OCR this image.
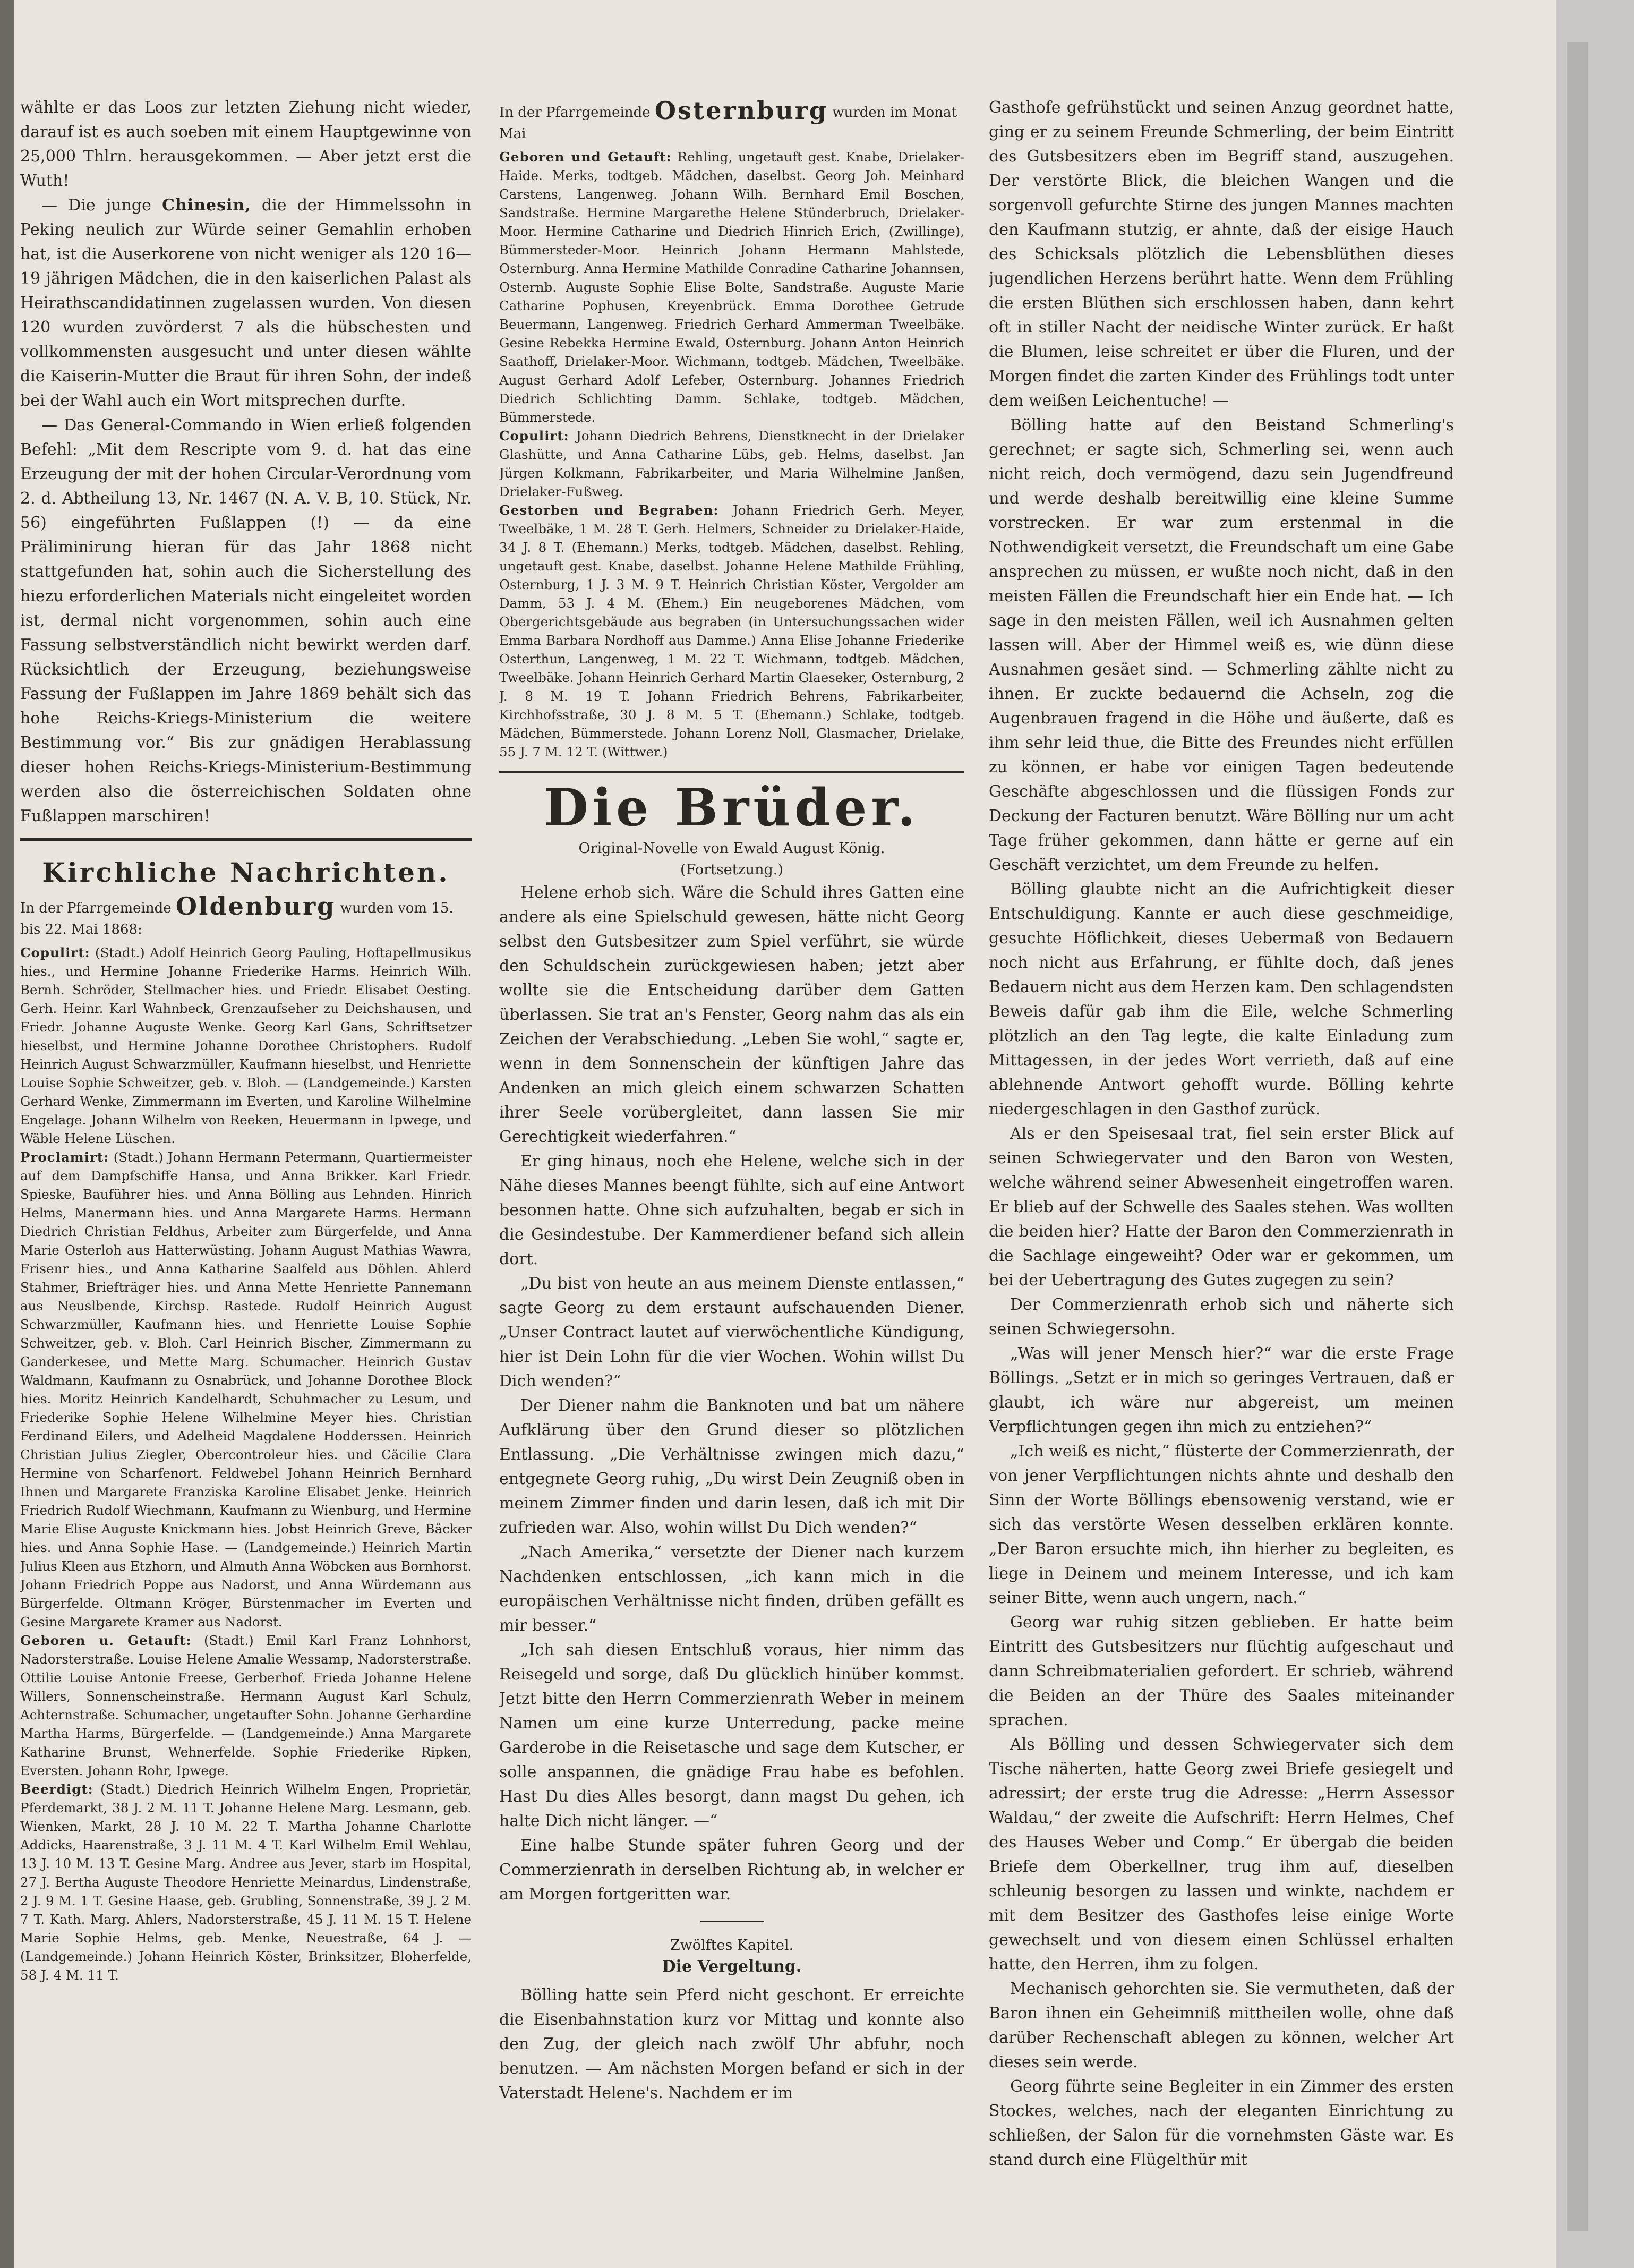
wählte er das Loos zur letzten Ziehung nicht wieder, darauf ist es auch soeben mit einem Hauptgewinne von 25,000 Thlrn. herausgekommen. — Aber jetzt erst die Wuth!

— Die junge Chinesin, die der Himmelssohn in Peking neulich zur Würde seiner Gemahlin erhoben hat, ist die Auserkorene von nicht weniger als 120 16—19 jährigen Mädchen, die in den kaiserlichen Palast als Heirathscandidatinnen zugelassen wurden. Von diesen 120 wurden zuvörderst 7 als die hübschesten und vollkommensten ausgesucht und unter diesen wählte die Kaiserin-Mutter die Braut für ihren Sohn, der indeß bei der Wahl auch ein Wort mitsprechen durfte.

— Das General-Commando in Wien erließ folgenden Befehl: „Mit dem Rescripte vom 9. d. hat das eine Erzeugung der mit der hohen Circular-Verordnung vom 2. d. Abtheilung 13, Nr. 1467 (N. A. V. B, 10. Stück, Nr. 56) eingeführten Fußlappen (!) — da eine Präliminirung hieran für das Jahr 1868 nicht stattgefunden hat, sohin auch die Sicherstellung des hiezu erforderlichen Materials nicht eingeleitet worden ist, dermal nicht vorgenommen, sohin auch eine Fassung selbstverständlich nicht bewirkt werden darf. Rücksichtlich der Erzeugung, beziehungsweise Fassung der Fußlappen im Jahre 1869 behält sich das hohe Reichs-Kriegs-Ministerium die weitere Bestimmung vor.“ Bis zur gnädigen Herablassung dieser hohen Reichs-Kriegs-Ministerium-Bestimmung werden also die österreichischen Soldaten ohne Fußlappen marschiren!

Kirchliche Nachrichten.
In der Pfarrgemeinde Oldenburg wurden vom 15. bis 22. Mai 1868:

Copulirt: (Stadt.) Adolf Heinrich Georg Pauling, Hoftapellmusikus hies., und Hermine Johanne Friederike Harms. Heinrich Wilh. Bernh. Schröder, Stellmacher hies. und Friedr. Elisabet Oesting. Gerh. Heinr. Karl Wahnbeck, Grenzaufseher zu Deichshausen, und Friedr. Johanne Auguste Wenke. Georg Karl Gans, Schriftsetzer hieselbst, und Hermine Johanne Dorothee Christophers. Rudolf Heinrich August Schwarzmüller, Kaufmann hieselbst, und Henriette Louise Sophie Schweitzer, geb. v. Bloh. — (Landgemeinde.) Karsten Gerhard Wenke, Zimmermann im Everten, und Karoline Wilhelmine Engelage. Johann Wilhelm von Reeken, Heuermann in Ipwege, und Wäble Helene Lüschen.

Proclamirt: (Stadt.) Johann Hermann Petermann, Quartiermeister auf dem Dampfschiffe Hansa, und Anna Brikker. Karl Friedr. Spieske, Bauführer hies. und Anna Bölling aus Lehnden. Hinrich Helms, Manermann hies. und Anna Margarete Harms. Hermann Diedrich Christian Feldhus, Arbeiter zum Bürgerfelde, und Anna Marie Osterloh aus Hatterwüsting. Johann August Mathias Wawra, Frisenr hies., und Anna Katharine Saalfeld aus Döhlen. Ahlerd Stahmer, Briefträger hies. und Anna Mette Henriette Pannemann aus Neuslbende, Kirchsp. Rastede. Rudolf Heinrich August Schwarzmüller, Kaufmann hies. und Henriette Louise Sophie Schweitzer, geb. v. Bloh. Carl Heinrich Bischer, Zimmermann zu Ganderkesee, und Mette Marg. Schumacher. Heinrich Gustav Waldmann, Kaufmann zu Osnabrück, und Johanne Dorothee Block hies. Moritz Heinrich Kandelhardt, Schuhmacher zu Lesum, und Friederike Sophie Helene Wilhelmine Meyer hies. Christian Ferdinand Eilers, und Adelheid Magdalene Hodderssen. Heinrich Christian Julius Ziegler, Obercontroleur hies. und Cäcilie Clara Hermine von Scharfenort. Feldwebel Johann Heinrich Bernhard Ihnen und Margarete Franziska Karoline Elisabet Jenke. Heinrich Friedrich Rudolf Wiechmann, Kaufmann zu Wienburg, und Hermine Marie Elise Auguste Knickmann hies. Jobst Heinrich Greve, Bäcker hies. und Anna Sophie Hase. — (Landgemeinde.) Heinrich Martin Julius Kleen aus Etzhorn, und Almuth Anna Wöbcken aus Bornhorst. Johann Friedrich Poppe aus Nadorst, und Anna Würdemann aus Bürgerfelde. Oltmann Kröger, Bürstenmacher im Everten und Gesine Margarete Kramer aus Nadorst.

Geboren u. Getauft: (Stadt.) Emil Karl Franz Lohnhorst, Nadorsterstraße. Louise Helene Amalie Wessamp, Nadorsterstraße. Ottilie Louise Antonie Freese, Gerberhof. Frieda Johanne Helene Willers, Sonnenscheinstraße. Hermann August Karl Schulz, Achternstraße. Schumacher, ungetaufter Sohn. Johanne Gerhardine Martha Harms, Bürgerfelde. — (Landgemeinde.) Anna Margarete Katharine Brunst, Wehnerfelde. Sophie Friederike Ripken, Eversten. Johann Rohr, Ipwege.

Beerdigt: (Stadt.) Diedrich Heinrich Wilhelm Engen, Proprietär, Pferdemarkt, 38 J. 2 M. 11 T. Johanne Helene Marg. Lesmann, geb. Wienken, Markt, 28 J. 10 M. 22 T. Martha Johanne Charlotte Addicks, Haarenstraße, 3 J. 11 M. 4 T. Karl Wilhelm Emil Wehlau, 13 J. 10 M. 13 T. Gesine Marg. Andree aus Jever, starb im Hospital, 27 J. Bertha Auguste Theodore Henriette Meinardus, Lindenstraße, 2 J. 9 M. 1 T. Gesine Haase, geb. Grubling, Sonnenstraße, 39 J. 2 M. 7 T. Kath. Marg. Ahlers, Nadorsterstraße, 45 J. 11 M. 15 T. Helene Marie Sophie Helms, geb. Menke, Neuestraße, 64 J. — (Landgemeinde.) Johann Heinrich Köster, Brinksitzer, Bloherfelde, 58 J. 4 M. 11 T.

In der Pfarrgemeinde Osternburg wurden im Monat Mai

Geboren und Getauft: Rehling, ungetauft gest. Knabe, Drielaker-Haide. Merks, todtgeb. Mädchen, daselbst. Georg Joh. Meinhard Carstens, Langenweg. Johann Wilh. Bernhard Emil Boschen, Sandstraße. Hermine Margarethe Helene Stünderbruch, Drielaker-Moor. Hermine Catharine und Diedrich Hinrich Erich, (Zwillinge), Bümmersteder-Moor. Heinrich Johann Hermann Mahlstede, Osternburg. Anna Hermine Mathilde Conradine Catharine Johannsen, Osternb. Auguste Sophie Elise Bolte, Sandstraße. Auguste Marie Catharine Pophusen, Kreyenbrück. Emma Dorothee Getrude Beuermann, Langenweg. Friedrich Gerhard Ammerman Tweelbäke. Gesine Rebekka Hermine Ewald, Osternburg. Johann Anton Heinrich Saathoff, Drielaker-Moor. Wichmann, todtgeb. Mädchen, Tweelbäke. August Gerhard Adolf Lefeber, Osternburg. Johannes Friedrich Diedrich Schlichting Damm. Schlake, todtgeb. Mädchen, Bümmerstede.

Copulirt: Johann Diedrich Behrens, Dienstknecht in der Drielaker Glashütte, und Anna Catharine Lübs, geb. Helms, daselbst. Jan Jürgen Kolkmann, Fabrikarbeiter, und Maria Wilhelmine Janßen, Drielaker-Fußweg.

Gestorben und Begraben: Johann Friedrich Gerh. Meyer, Tweelbäke, 1 M. 28 T. Gerh. Helmers, Schneider zu Drielaker-Haide, 34 J. 8 T. (Ehemann.) Merks, todtgeb. Mädchen, daselbst. Rehling, ungetauft gest. Knabe, daselbst. Johanne Helene Mathilde Frühling, Osternburg, 1 J. 3 M. 9 T. Heinrich Christian Köster, Vergolder am Damm, 53 J. 4 M. (Ehem.) Ein neugeborenes Mädchen, vom Obergerichtsgebäude aus begraben (in Untersuchungssachen wider Emma Barbara Nordhoff aus Damme.) Anna Elise Johanne Friederike Osterthun, Langenweg, 1 M. 22 T. Wichmann, todtgeb. Mädchen, Tweelbäke. Johann Heinrich Gerhard Martin Glaeseker, Osternburg, 2 J. 8 M. 19 T. Johann Friedrich Behrens, Fabrikarbeiter, Kirchhofsstraße, 30 J. 8 M. 5 T. (Ehemann.) Schlake, todtgeb. Mädchen, Bümmerstede. Johann Lorenz Noll, Glasmacher, Drielake, 55 J. 7 M. 12 T. (Wittwer.)

Die Brüder.

Original-Novelle von Ewald August König.

(Fortsetzung.)

Helene erhob sich. Wäre die Schuld ihres Gatten eine andere als eine Spielschuld gewesen, hätte nicht Georg selbst den Gutsbesitzer zum Spiel verführt, sie würde den Schuldschein zurückgewiesen haben; jetzt aber wollte sie die Entscheidung darüber dem Gatten überlassen. Sie trat an's Fenster, Georg nahm das als ein Zeichen der Verabschiedung. „Leben Sie wohl,“ sagte er, wenn in dem Sonnenschein der künftigen Jahre das Andenken an mich gleich einem schwarzen Schatten ihrer Seele vorübergleitet, dann lassen Sie mir Gerechtigkeit wiederfahren.“

Er ging hinaus, noch ehe Helene, welche sich in der Nähe dieses Mannes beengt fühlte, sich auf eine Antwort besonnen hatte. Ohne sich aufzuhalten, begab er sich in die Gesindestube. Der Kammerdiener befand sich allein dort.

„Du bist von heute an aus meinem Dienste entlassen,“ sagte Georg zu dem erstaunt aufschauenden Diener. „Unser Contract lautet auf vierwöchentliche Kündigung, hier ist Dein Lohn für die vier Wochen. Wohin willst Du Dich wenden?“

Der Diener nahm die Banknoten und bat um nähere Aufklärung über den Grund dieser so plötzlichen Entlassung. „Die Verhältnisse zwingen mich dazu,“ entgegnete Georg ruhig, „Du wirst Dein Zeugniß oben in meinem Zimmer finden und darin lesen, daß ich mit Dir zufrieden war. Also, wohin willst Du Dich wenden?“

„Nach Amerika,“ versetzte der Diener nach kurzem Nachdenken entschlossen, „ich kann mich in die europäischen Verhältnisse nicht finden, drüben gefällt es mir besser.“

„Ich sah diesen Entschluß voraus, hier nimm das Reisegeld und sorge, daß Du glücklich hinüber kommst. Jetzt bitte den Herrn Commerzienrath Weber in meinem Namen um eine kurze Unterredung, packe meine Garderobe in die Reisetasche und sage dem Kutscher, er solle anspannen, die gnädige Frau habe es befohlen. Hast Du dies Alles besorgt, dann magst Du gehen, ich halte Dich nicht länger. —“

Eine halbe Stunde später fuhren Georg und der Commerzienrath in derselben Richtung ab, in welcher er am Morgen fortgeritten war.

Zwölftes Kapitel.

Die Vergeltung.

Bölling hatte sein Pferd nicht geschont. Er erreichte die Eisenbahnstation kurz vor Mittag und konnte also den Zug, der gleich nach zwölf Uhr abfuhr, noch benutzen. — Am nächsten Morgen befand er sich in der Vaterstadt Helene's. Nachdem er im

Gasthofe gefrühstückt und seinen Anzug geordnet hatte, ging er zu seinem Freunde Schmerling, der beim Eintritt des Gutsbesitzers eben im Begriff stand, auszugehen. Der verstörte Blick, die bleichen Wangen und die sorgenvoll gefurchte Stirne des jungen Mannes machten den Kaufmann stutzig, er ahnte, daß der eisige Hauch des Schicksals plötzlich die Lebensblüthen dieses jugendlichen Herzens berührt hatte. Wenn dem Frühling die ersten Blüthen sich erschlossen haben, dann kehrt oft in stiller Nacht der neidische Winter zurück. Er haßt die Blumen, leise schreitet er über die Fluren, und der Morgen findet die zarten Kinder des Frühlings todt unter dem weißen Leichentuche! —

Bölling hatte auf den Beistand Schmerling's gerechnet; er sagte sich, Schmerling sei, wenn auch nicht reich, doch vermögend, dazu sein Jugendfreund und werde deshalb bereitwillig eine kleine Summe vorstrecken. Er war zum erstenmal in die Nothwendigkeit versetzt, die Freundschaft um eine Gabe ansprechen zu müssen, er wußte noch nicht, daß in den meisten Fällen die Freundschaft hier ein Ende hat. — Ich sage in den meisten Fällen, weil ich Ausnahmen gelten lassen will. Aber der Himmel weiß es, wie dünn diese Ausnahmen gesäet sind. — Schmerling zählte nicht zu ihnen. Er zuckte bedauernd die Achseln, zog die Augenbrauen fragend in die Höhe und äußerte, daß es ihm sehr leid thue, die Bitte des Freundes nicht erfüllen zu können, er habe vor einigen Tagen bedeutende Geschäfte abgeschlossen und die flüssigen Fonds zur Deckung der Facturen benutzt. Wäre Bölling nur um acht Tage früher gekommen, dann hätte er gerne auf ein Geschäft verzichtet, um dem Freunde zu helfen.

Bölling glaubte nicht an die Aufrichtigkeit dieser Entschuldigung. Kannte er auch diese geschmeidige, gesuchte Höflichkeit, dieses Uebermaß von Bedauern noch nicht aus Erfahrung, er fühlte doch, daß jenes Bedauern nicht aus dem Herzen kam. Den schlagendsten Beweis dafür gab ihm die Eile, welche Schmerling plötzlich an den Tag legte, die kalte Einladung zum Mittagessen, in der jedes Wort verrieth, daß auf eine ablehnende Antwort gehofft wurde. Bölling kehrte niedergeschlagen in den Gasthof zurück.

Als er den Speisesaal trat, fiel sein erster Blick auf seinen Schwiegervater und den Baron von Westen, welche während seiner Abwesenheit eingetroffen waren. Er blieb auf der Schwelle des Saales stehen. Was wollten die beiden hier? Hatte der Baron den Commerzienrath in die Sachlage eingeweiht? Oder war er gekommen, um bei der Uebertragung des Gutes zugegen zu sein?

Der Commerzienrath erhob sich und näherte sich seinen Schwiegersohn.

„Was will jener Mensch hier?“ war die erste Frage Böllings. „Setzt er in mich so geringes Vertrauen, daß er glaubt, ich wäre nur abgereist, um meinen Verpflichtungen gegen ihn mich zu entziehen?“

„Ich weiß es nicht,“ flüsterte der Commerzienrath, der von jener Verpflichtungen nichts ahnte und deshalb den Sinn der Worte Böllings ebensowenig verstand, wie er sich das verstörte Wesen desselben erklären konnte. „Der Baron ersuchte mich, ihn hierher zu begleiten, es liege in Deinem und meinem Interesse, und ich kam seiner Bitte, wenn auch ungern, nach.“

Georg war ruhig sitzen geblieben. Er hatte beim Eintritt des Gutsbesitzers nur flüchtig aufgeschaut und dann Schreibmaterialien gefordert. Er schrieb, während die Beiden an der Thüre des Saales miteinander sprachen.

Als Bölling und dessen Schwiegervater sich dem Tische näherten, hatte Georg zwei Briefe gesiegelt und adressirt; der erste trug die Adresse: „Herrn Assessor Waldau,“ der zweite die Aufschrift: Herrn Helmes, Chef des Hauses Weber und Comp.“ Er übergab die beiden Briefe dem Oberkellner, trug ihm auf, dieselben schleunig besorgen zu lassen und winkte, nachdem er mit dem Besitzer des Gasthofes leise einige Worte gewechselt und von diesem einen Schlüssel erhalten hatte, den Herren, ihm zu folgen.

Mechanisch gehorchten sie. Sie vermutheten, daß der Baron ihnen ein Geheimniß mittheilen wolle, ohne daß darüber Rechenschaft ablegen zu können, welcher Art dieses sein werde.

Georg führte seine Begleiter in ein Zimmer des ersten Stockes, welches, nach der eleganten Einrichtung zu schließen, der Salon für die vornehmsten Gäste war. Es stand durch eine Flügelthür mit
